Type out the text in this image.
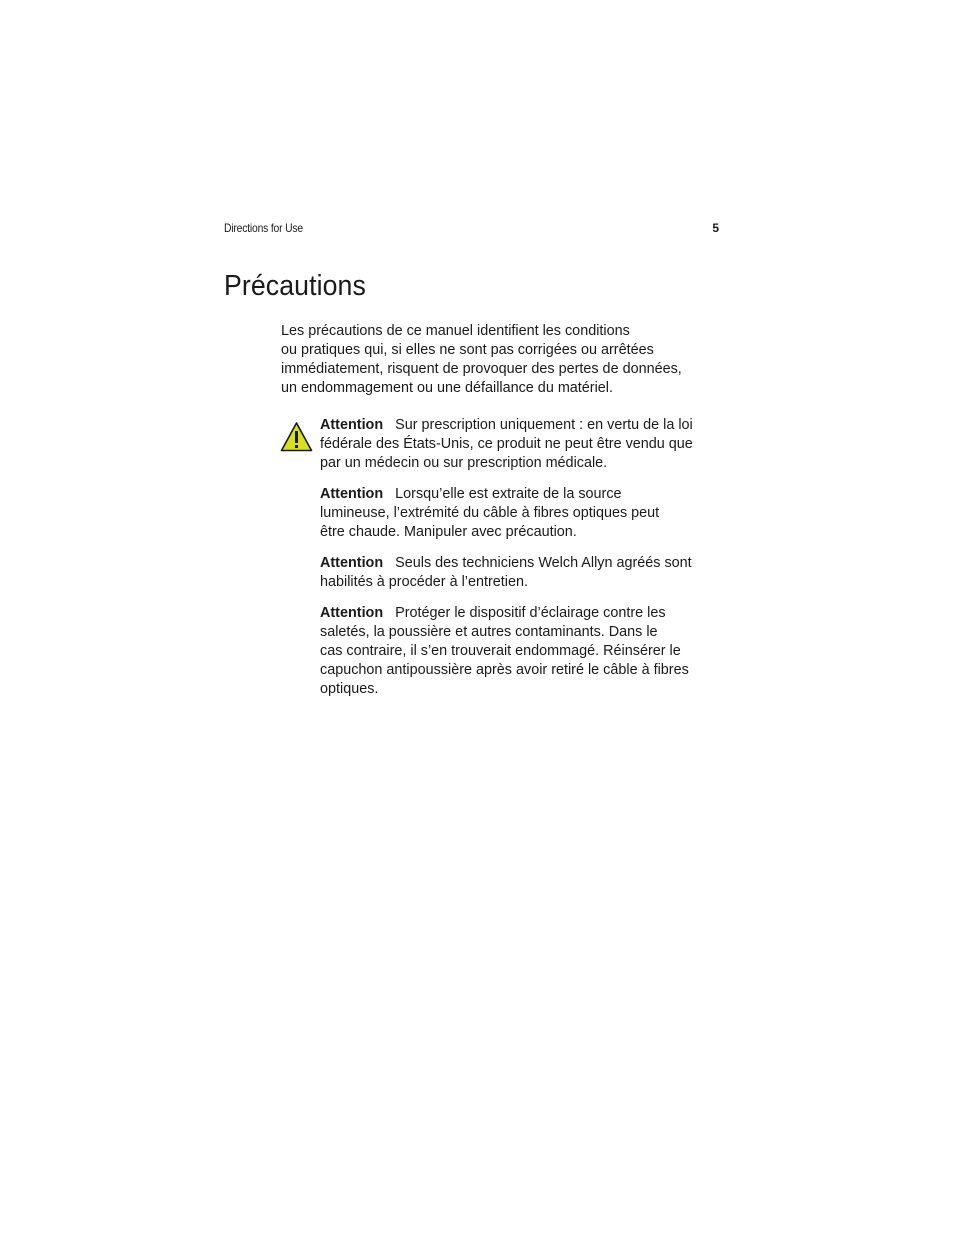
Directions for Use	5
Précautions

Les précautions de ce manuel identifient les conditions
ou pratiques qui, si elles ne sont pas corrigées ou arrêtées
immédiatement, risquent de provoquer des pertes de données,
un endommagement ou une défaillance du matériel.

Attention Sur prescription uniquement : en vertu de la loi
fédérale des États-Unis, ce produit ne peut être vendu que
par un médecin ou sur prescription médicale.

Attention Lorsqu’elle est extraite de la source
lumineuse, l’extrémité du câble à fibres optiques peut
être chaude. Manipuler avec précaution.

Attention Seuls des techniciens Welch Allyn agréés sont
habilités à procéder à l’entretien.

Attention Protéger le dispositif d’éclairage contre les
saletés, la poussière et autres contaminants. Dans le
cas contraire, il s’en trouverait endommagé. Réinsérer le
capuchon antipoussière après avoir retiré le câble à fibres
optiques.
